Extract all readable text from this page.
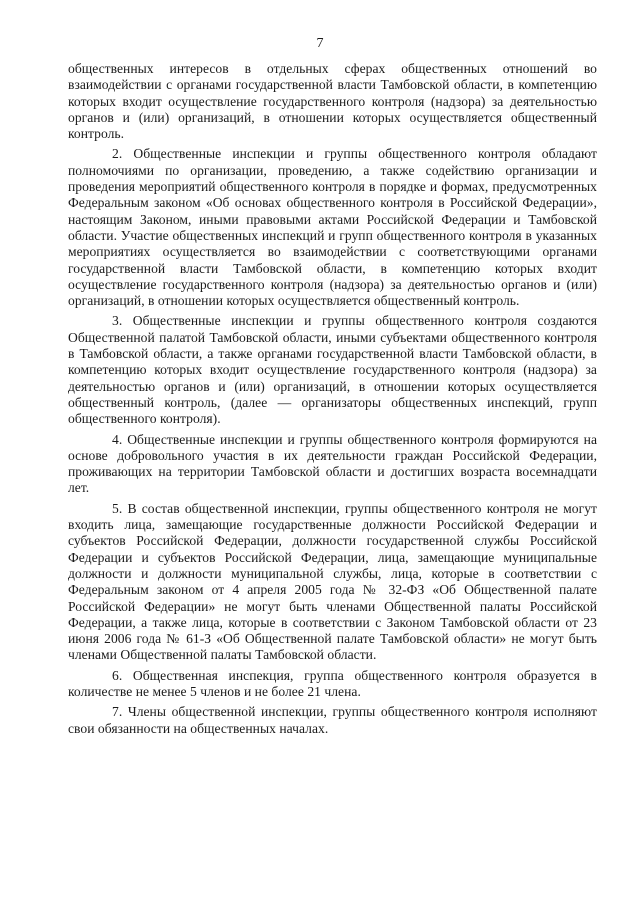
7

общественных интересов в отдельных сферах общественных отношений во взаимодействии с органами государственной власти Тамбовской области, в компетенцию которых входит осуществление государственного контроля (надзора) за деятельностью органов и (или) организаций, в отношении которых осуществляется общественный контроль.

2. Общественные инспекции и группы общественного контроля обладают полномочиями по организации, проведению, а также содействию организации и проведения мероприятий общественного контроля в порядке и формах, предусмотренных Федеральным законом «Об основах общественного контроля в Российской Федерации», настоящим Законом, иными правовыми актами Российской Федерации и Тамбовской области. Участие общественных инспекций и групп общественного контроля в указанных мероприятиях осуществляется во взаимодействии с соответствующими органами государственной власти Тамбовской области, в компетенцию которых входит осуществление государственного контроля (надзора) за деятельностью органов и (или) организаций, в отношении которых осуществляется общественный контроль.

3. Общественные инспекции и группы общественного контроля создаются Общественной палатой Тамбовской области, иными субъектами общественного контроля в Тамбовской области, а также органами государственной власти Тамбовской области, в компетенцию которых входит осуществление государственного контроля (надзора) за деятельностью органов и (или) организаций, в отношении которых осуществляется общественный контроль, (далее — организаторы общественных инспекций, групп общественного контроля).

4. Общественные инспекции и группы общественного контроля формируются на основе добровольного участия в их деятельности граждан Российской Федерации, проживающих на территории Тамбовской области и достигших возраста восемнадцати лет.

5. В состав общественной инспекции, группы общественного контроля не могут входить лица, замещающие государственные должности Российской Федерации и субъектов Российской Федерации, должности государственной службы Российской Федерации и субъектов Российской Федерации, лица, замещающие муниципальные должности и должности муниципальной службы, лица, которые в соответствии с Федеральным законом от 4 апреля 2005 года № 32-ФЗ «Об Общественной палате Российской Федерации» не могут быть членами Общественной палаты Российской Федерации, а также лица, которые в соответствии с Законом Тамбовской области от 23 июня 2006 года № 61-З «Об Общественной палате Тамбовской области» не могут быть членами Общественной палаты Тамбовской области.

6. Общественная инспекция, группа общественного контроля образуется в количестве не менее 5 членов и не более 21 члена.

7. Члены общественной инспекции, группы общественного контроля исполняют свои обязанности на общественных началах.
